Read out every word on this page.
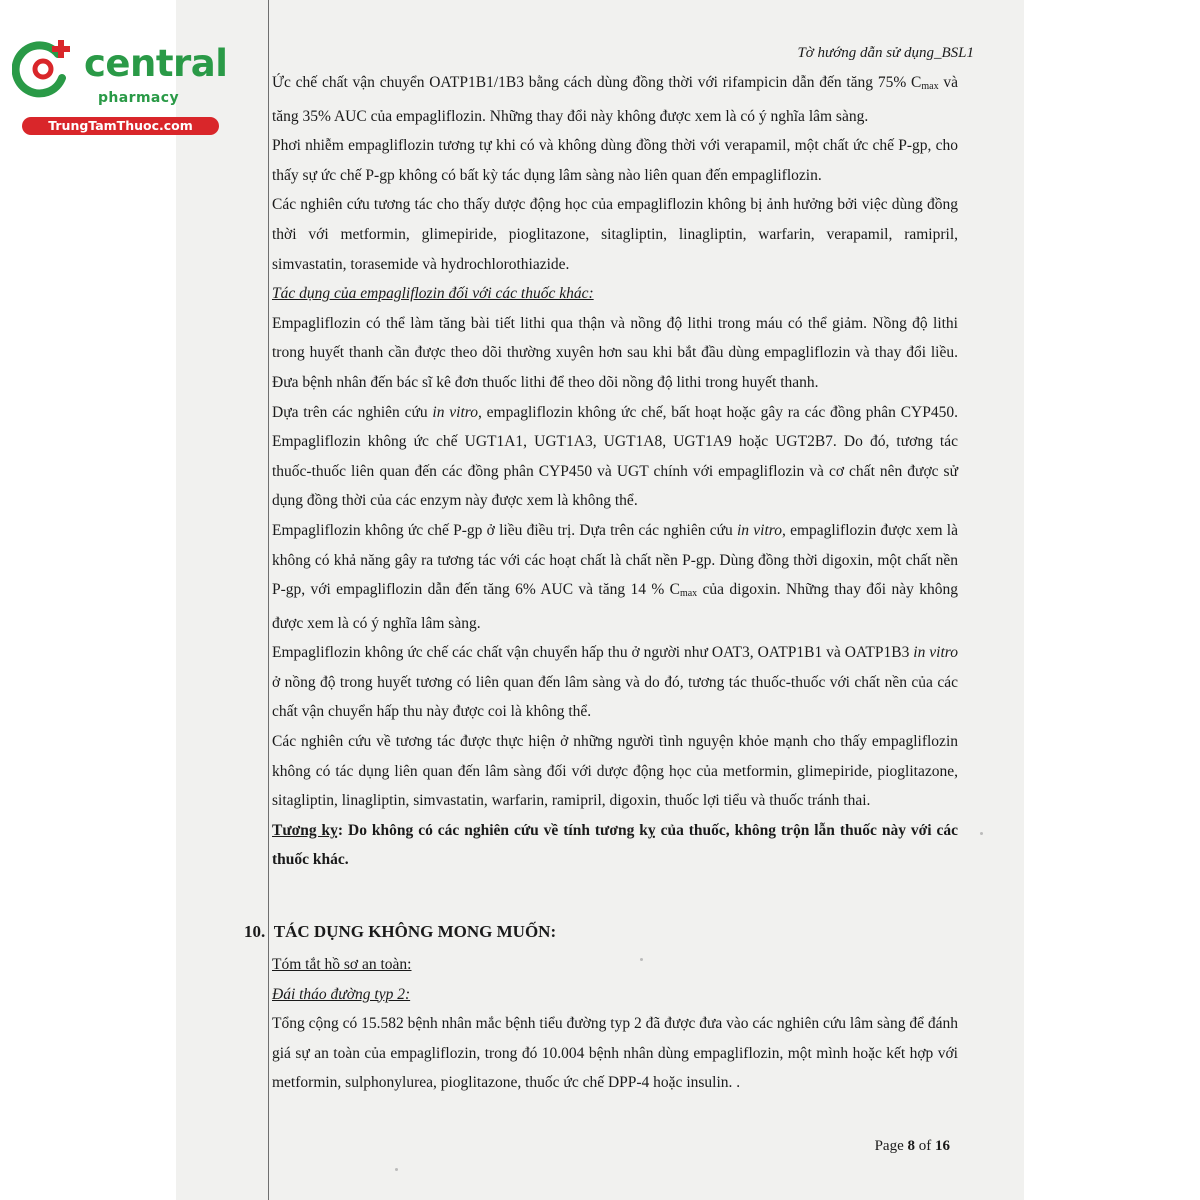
central
pharmacy
TrungTamThuoc.com
Tờ hướng dẫn sử dụng_BSL1

Ức chế chất vận chuyển OATP1B1/1B3 bằng cách dùng đồng thời với rifampicin dẫn đến tăng 75% $C_{max}$ và tăng 35% AUC của empagliflozin. Những thay đổi này không được xem là có ý nghĩa lâm sàng.

Phơi nhiễm empagliflozin tương tự khi có và không dùng đồng thời với verapamil, một chất ức chế P-gp, cho thấy sự ức chế P-gp không có bất kỳ tác dụng lâm sàng nào liên quan đến empagliflozin.

Các nghiên cứu tương tác cho thấy dược động học của empagliflozin không bị ảnh hưởng bởi việc dùng đồng thời với metformin, glimepiride, pioglitazone, sitagliptin, linagliptin, warfarin, verapamil, ramipril, simvastatin, torasemide và hydrochlorothiazide.

Tác dụng của empagliflozin đối với các thuốc khác:

Empagliflozin có thể làm tăng bài tiết lithi qua thận và nồng độ lithi trong máu có thể giảm. Nồng độ lithi trong huyết thanh cần được theo dõi thường xuyên hơn sau khi bắt đầu dùng empagliflozin và thay đổi liều. Đưa bệnh nhân đến bác sĩ kê đơn thuốc lithi để theo dõi nồng độ lithi trong huyết thanh.

Dựa trên các nghiên cứu in vitro, empagliflozin không ức chế, bất hoạt hoặc gây ra các đồng phân CYP450. Empagliflozin không ức chế UGT1A1, UGT1A3, UGT1A8, UGT1A9 hoặc UGT2B7. Do đó, tương tác thuốc-thuốc liên quan đến các đồng phân CYP450 và UGT chính với empagliflozin và cơ chất nên được sử dụng đồng thời của các enzym này được xem là không thể.

Empagliflozin không ức chế P-gp ở liều điều trị. Dựa trên các nghiên cứu in vitro, empagliflozin được xem là không có khả năng gây ra tương tác với các hoạt chất là chất nền P-gp. Dùng đồng thời digoxin, một chất nền P-gp, với empagliflozin dẫn đến tăng 6% AUC và tăng 14 % $C_{max}$ của digoxin. Những thay đổi này không được xem là có ý nghĩa lâm sàng.

Empagliflozin không ức chế các chất vận chuyển hấp thu ở người như OAT3, OATP1B1 và OATP1B3 in vitro ở nồng độ trong huyết tương có liên quan đến lâm sàng và do đó, tương tác thuốc-thuốc với chất nền của các chất vận chuyển hấp thu này được coi là không thể.

Các nghiên cứu về tương tác được thực hiện ở những người tình nguyện khỏe mạnh cho thấy empagliflozin không có tác dụng liên quan đến lâm sàng đối với dược động học của metformin, glimepiride, pioglitazone, sitagliptin, linagliptin, simvastatin, warfarin, ramipril, digoxin, thuốc lợi tiểu và thuốc tránh thai.

Tương kỵ: Do không có các nghiên cứu về tính tương kỵ của thuốc, không trộn lẫn thuốc này với các thuốc khác.

10. TÁC DỤNG KHÔNG MONG MUỐN:

Tóm tắt hồ sơ an toàn:

Đái tháo đường typ 2:

Tổng cộng có 15.582 bệnh nhân mắc bệnh tiểu đường typ 2 đã được đưa vào các nghiên cứu lâm sàng để đánh giá sự an toàn của empagliflozin, trong đó 10.004 bệnh nhân dùng empagliflozin, một mình hoặc kết hợp với metformin, sulphonylurea, pioglitazone, thuốc ức chế DPP-4 hoặc insulin. .

Page 8 of 16
